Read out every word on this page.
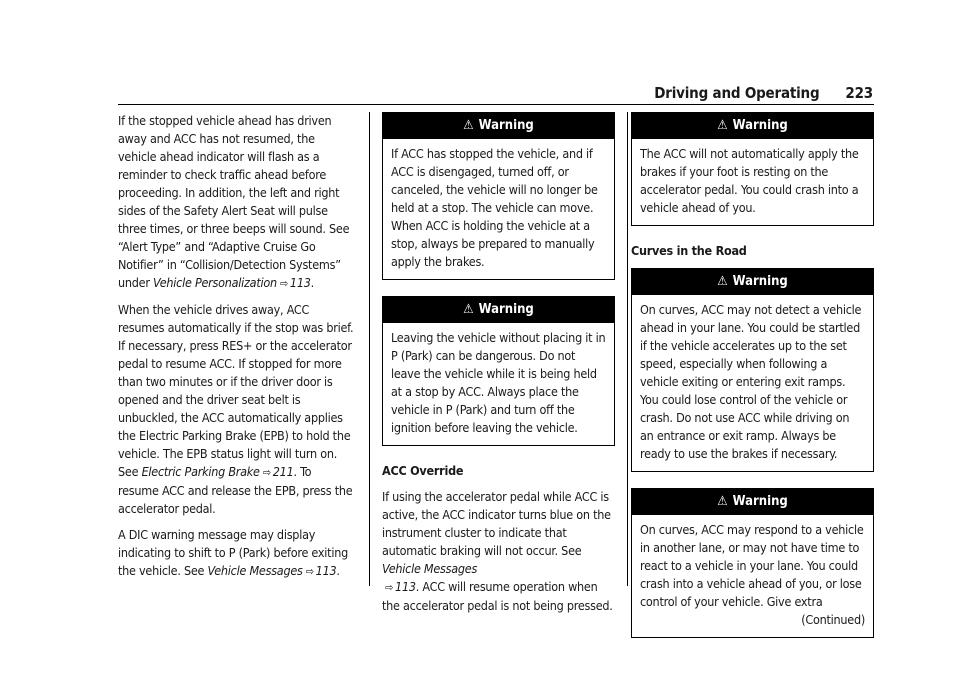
Driving and Operating 223

If the stopped vehicle ahead has driven away and ACC has not resumed, the vehicle ahead indicator will flash as a reminder to check traffic ahead before proceeding. In addition, the left and right sides of the Safety Alert Seat will pulse three times, or three beeps will sound. See “Alert Type” and “Adaptive Cruise Go Notifier” in “Collision/Detection Systems” under Vehicle Personalization ⇨ 113.

When the vehicle drives away, ACC resumes automatically if the stop was brief. If necessary, press RES+ or the accelerator pedal to resume ACC. If stopped for more than two minutes or if the driver door is opened and the driver seat belt is unbuckled, the ACC automatically applies the Electric Parking Brake (EPB) to hold the vehicle. The EPB status light will turn on. See Electric Parking Brake ⇨ 211. To resume ACC and release the EPB, press the accelerator pedal.

A DIC warning message may display indicating to shift to P (Park) before exiting the vehicle. See Vehicle Messages ⇨ 113.

⚠ Warning
If ACC has stopped the vehicle, and if ACC is disengaged, turned off, or canceled, the vehicle will no longer be held at a stop. The vehicle can move. When ACC is holding the vehicle at a stop, always be prepared to manually apply the brakes.
⚠ Warning
Leaving the vehicle without placing it in P (Park) can be dangerous. Do not leave the vehicle while it is being held at a stop by ACC. Always place the vehicle in P (Park) and turn off the ignition before leaving the vehicle.
ACC Override

If using the accelerator pedal while ACC is active, the ACC indicator turns blue on the instrument cluster to indicate that automatic braking will not occur. See Vehicle Messages
⇨ 113. ACC will resume operation when the accelerator pedal is not being pressed.

⚠ Warning
The ACC will not automatically apply the brakes if your foot is resting on the accelerator pedal. You could crash into a vehicle ahead of you.
Curves in the Road
⚠ Warning
On curves, ACC may not detect a vehicle ahead in your lane. You could be startled if the vehicle accelerates up to the set speed, especially when following a vehicle exiting or entering exit ramps. You could lose control of the vehicle or crash. Do not use ACC while driving on an entrance or exit ramp. Always be ready to use the brakes if necessary.
⚠ Warning
On curves, ACC may respond to a vehicle in another lane, or may not have time to react to a vehicle in your lane. You could crash into a vehicle ahead of you, or lose control of your vehicle. Give extra
(Continued)
